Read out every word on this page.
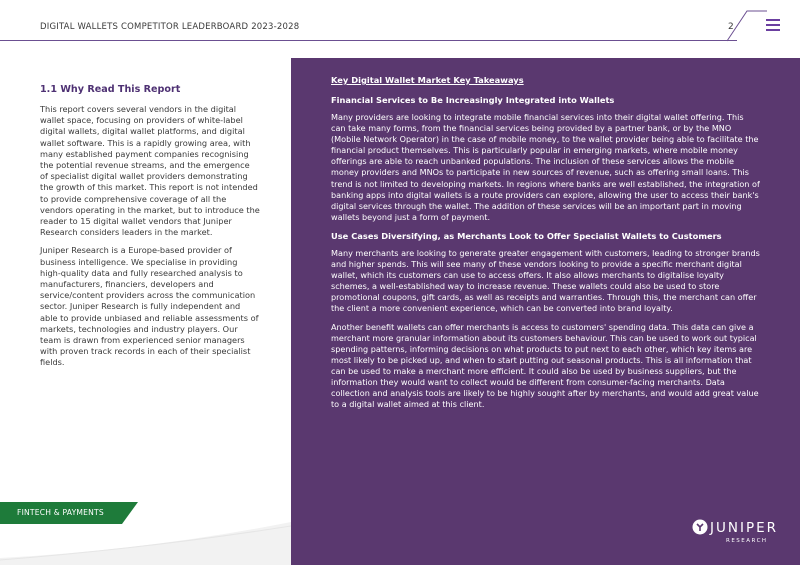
DIGITAL WALLETS COMPETITOR LEADERBOARD 2023-2028	2
1.1 Why Read This Report

This report covers several vendors in the digital wallet space, focusing on providers of white-label digital wallets, digital wallet platforms, and digital wallet software. This is a rapidly growing area, with many established payment companies recognising the potential revenue streams, and the emergence of specialist digital wallet providers demonstrating the growth of this market. This report is not intended to provide comprehensive coverage of all the vendors operating in the market, but to introduce the reader to 15 digital wallet vendors that Juniper Research considers leaders in the market.

Juniper Research is a Europe-based provider of business intelligence. We specialise in providing high-quality data and fully researched analysis to manufacturers, financiers, developers and service/content providers across the communication sector. Juniper Research is fully independent and able to provide unbiased and reliable assessments of markets, technologies and industry players. Our team is drawn from experienced senior managers with proven track records in each of their specialist fields.

Key Digital Wallet Market Key Takeaways
Financial Services to Be Increasingly Integrated into Wallets

Many providers are looking to integrate mobile financial services into their digital wallet offering. This can take many forms, from the financial services being provided by a partner bank, or by the MNO (Mobile Network Operator) in the case of mobile money, to the wallet provider being able to facilitate the financial product themselves. This is particularly popular in emerging markets, where mobile money offerings are able to reach unbanked populations. The inclusion of these services allows the mobile money providers and MNOs to participate in new sources of revenue, such as offering small loans. This trend is not limited to developing markets. In regions where banks are well established, the integration of banking apps into digital wallets is a route providers can explore, allowing the user to access their bank's digital services through the wallet. The addition of these services will be an important part in moving wallets beyond just a form of payment.

Use Cases Diversifying, as Merchants Look to Offer Specialist Wallets to Customers

Many merchants are looking to generate greater engagement with customers, leading to stronger brands and higher spends. This will see many of these vendors looking to provide a specific merchant digital wallet, which its customers can use to access offers. It also allows merchants to digitalise loyalty schemes, a well-established way to increase revenue. These wallets could also be used to store promotional coupons, gift cards, as well as receipts and warranties. Through this, the merchant can offer the client a more convenient experience, which can be converted into brand loyalty.

Another benefit wallets can offer merchants is access to customers' spending data. This data can give a merchant more granular information about its customers behaviour. This can be used to work out typical spending patterns, informing decisions on what products to put next to each other, which key items are most likely to be picked up, and when to start putting out seasonal products. This is all information that can be used to make a merchant more efficient. It could also be used by business suppliers, but the information they would want to collect would be different from consumer-facing merchants. Data collection and analysis tools are likely to be highly sought after by merchants, and would add great value to a digital wallet aimed at this client.

JUNIPER
RESEARCH
FINTECH & PAYMENTS
